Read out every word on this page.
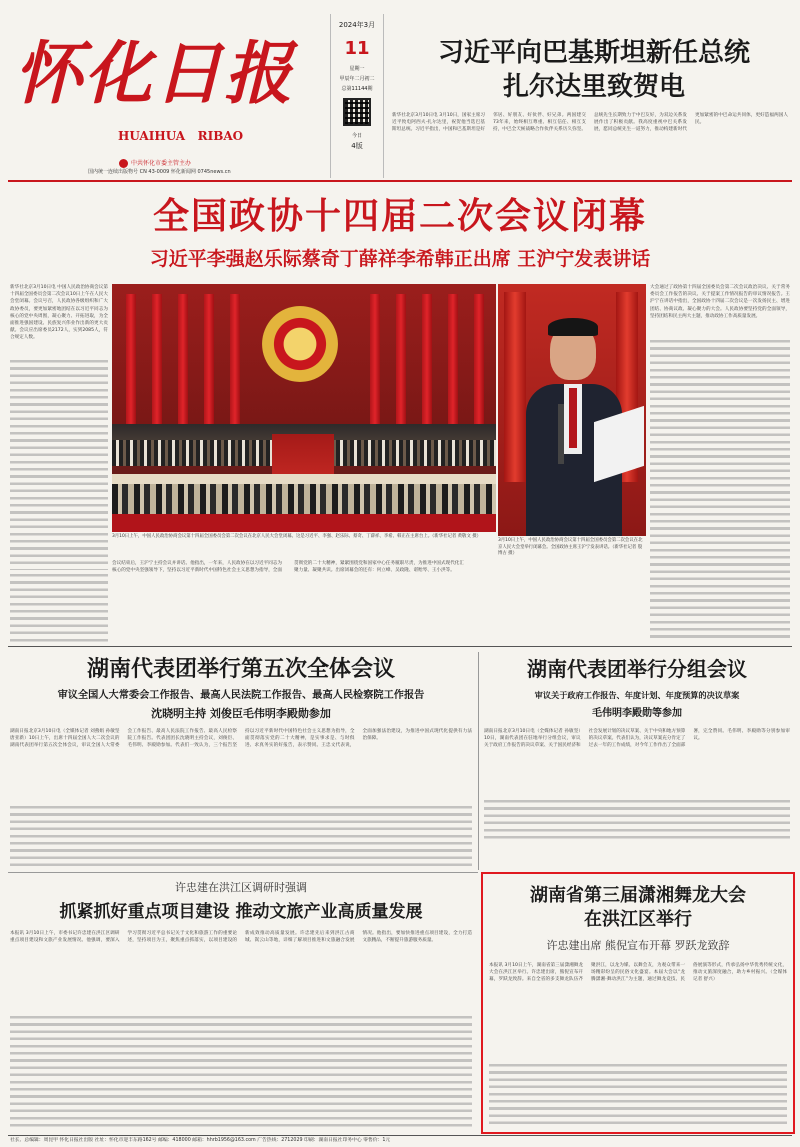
怀化日报
HUAIHUA   RIBAO
中共怀化市委主管主办
国内统一连续出版物号 CN 43-0009 怀化新闻网 0745news.cn
2024年3月
11
星期一
甲辰年二月初二
总第11144期
今日
4版
习近平向巴基斯坦新任总统
扎尔达里致贺电
新华社北京3月10日电 3月10日，国家主席习近平致电阿西夫·扎尔达里，祝贺他当选巴基斯坦总统。习近平指出，中国和巴基斯坦是好邻居、好朋友、好伙伴、好兄弟。两国建交73年来，始终相互尊重、相互信任、相互支持，中巴全天候战略合作伙伴关系历久弥坚。总统先生长期致力于中巴友好，为双边关系发展作出了积极贡献。我高度重视中巴关系发展，愿同总统先生一道努力，推动构建新时代更加紧密的中巴命运共同体，更好造福两国人民。
全国政协十四届二次会议闭幕
习近平李强赵乐际蔡奇丁薛祥李希韩正出席 王沪宁发表讲话
新华社北京3月10日电 中国人民政治协商会议第十四届全国委员会第二次会议10日上午在人民大会堂闭幕。会议号召，人民政协各级组织和广大政协委员，要更加紧密地团结在以习近平同志为核心的党中央周围，凝心聚力、开拓进取，为全面推进强国建设、民族复兴伟业作出新的更大贡献。会议应出席委员2172人，实到2085人，符合规定人数。
3月10日上午，中国人民政治协商会议第十四届全国委员会第二次会议在北京人民大会堂闭幕。这是习近平、李强、赵乐际、蔡奇、丁薛祥、李希、韩正在主席台上。（新华社记者 黄敬文 摄）
3月10日上午，中国人民政治协商会议第十四届全国委员会第二次会议在北京人民大会堂举行闭幕会。全国政协主席王沪宁发表讲话。（新华社记者 殷博古 摄）
大会通过了政协第十四届全国委员会第二次会议政治决议、关于常务委员会工作报告的决议、关于提案工作情况报告的审议情况报告。王沪宁在讲话中指出，全国政协十四届二次会议是一次发扬民主、增进团结、协商议政、凝心聚力的大会。人民政协要坚持党的全面领导，坚持团结和民主两大主题，推动政协工作高质量发展。
会议结束后，王沪宁主持会议并讲话。他指出，一年来，人民政协在以习近平同志为核心的党中央坚强领导下，坚持以习近平新时代中国特色社会主义思想为指导，全面贯彻党的二十大精神，紧紧围绕党和国家中心任务履职尽责，为推进中国式现代化汇聚力量、凝聚共识。出席闭幕会的还有：何立峰、吴政隆、谌贻琴、王小洪等。
湖南代表团举行第五次全体会议
审议全国人大常委会工作报告、最高人民法院工作报告、最高人民检察院工作报告
沈晓明主持 刘俊臣毛伟明李殿勋参加
湖南日报北京3月10日电（全媒体记者 刘燕娟 孙敏坚 唐亚新）10日上午，出席十四届全国人大二次会议的湖南代表团举行第五次全体会议，审议全国人大常委会工作报告、最高人民法院工作报告、最高人民检察院工作报告。代表团团长沈晓明主持会议，刘俊臣、毛伟明、李殿勋参加。代表们一致认为，三个报告坚持以习近平新时代中国特色社会主义思想为指导，全面贯彻落实党的二十大精神，是实事求是、与时俱进、求真务实的好报告，表示赞同。王忠文代表说，全面加强法治建设，为推进中国式现代化提供有力法治保障。
湖南代表团举行分组会议
审议关于政府工作报告、年度计划、年度预算的决议草案
毛伟明李殿勋等参加
湖南日报北京3月10日电（全媒体记者 孙敏坚）10日，湖南代表团在驻地举行分组会议，审议关于政府工作报告的决议草案、关于国民经济和社会发展计划的决议草案、关于中央和地方预算的决议草案。代表们认为，决议草案充分肯定了过去一年的工作成绩，对今年工作作出了全面部署，完全赞同。毛伟明、李殿勋等分别参加审议。
许忠建在洪江区调研时强调
抓紧抓好重点项目建设 推动文旅产业高质量发展
本报讯 3月10日上午，市委书记许忠建在洪江区调研重点项目建设和文旅产业发展情况。他强调，要深入学习贯彻习近平总书记关于文化和旅游工作的重要论述，坚持项目为王，聚焦重点抓落实，以项目建设的新成效推动高质量发展。许忠建先后来到洪江古商城、嵩云山等地，详细了解项目推进和文旅融合发展情况。他指出，要加快推进重点项目建设，全力打造文旅精品，不断提升旅游服务质量。
湖南省第三届潇湘舞龙大会
在洪江区举行
许忠建出席 熊倪宣布开幕 罗跃龙致辞
本报讯 3月10日上午，湖南省第三届潇湘舞龙大会在洪江区举行。许忠建出席，熊倪宣布开幕，罗跃龙致辞。来自全省的多支舞龙队伍齐聚洪江，以龙为媒、以舞会友，为观众带来一场精彩纷呈的民俗文化盛宴。本届大会以“龙腾潇湘·舞动洪江”为主题，通过舞龙竞技、民俗展演等形式，传承弘扬中华优秀传统文化，推动文旅深度融合，助力乡村振兴。（全媒体记者 舒兴）
社长、总编辑：周昆甲 怀化日报社出版 社址：怀化市迎丰东路162号 邮编：418000 邮箱：hhrb1956@163.com 广告热线：2712029 印刷：湖南日报社印务中心 零售价：1元
